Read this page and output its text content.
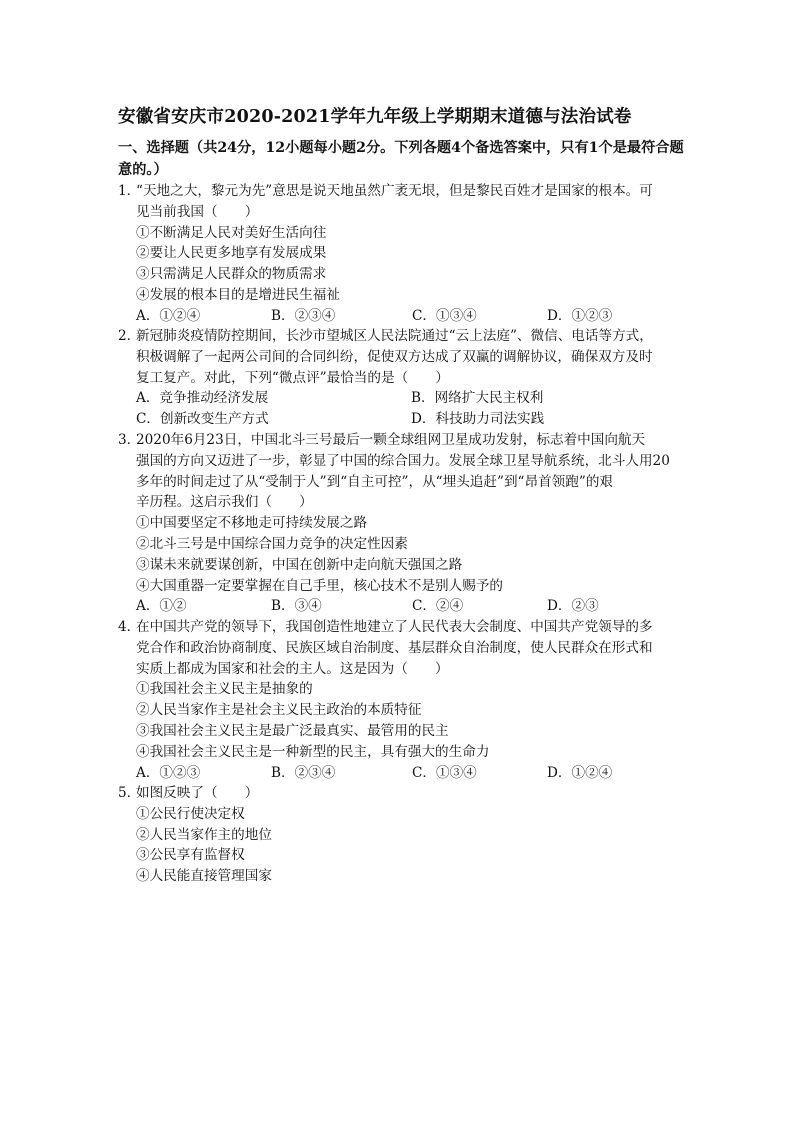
安徽省安庆市2020-2021学年九年级上学期期末道德与法治试卷
一、选择题（共24分，12小题每小题2分。下列各题4个备选答案中，只有1个是最符合题意的。）
1．“天地之大，黎元为先”意思是说天地虽然广袤无垠，但是黎民百姓才是国家的根本。可
见当前我国（　　）
①不断满足人民对美好生活向往
②要让人民更多地享有发展成果
③只需满足人民群众的物质需求
④发展的根本目的是增进民生福祉
A．①②④	B．②③④	C．①③④	D．①②③
2．新冠肺炎疫情防控期间，长沙市望城区人民法院通过“云上法庭”、微信、电话等方式，
积极调解了一起两公司间的合同纠纷，促使双方达成了双赢的调解协议，确保双方及时
复工复产。对此，下列“微点评”最恰当的是（　　）
A．竞争推动经济发展	B．网络扩大民主权利
C．创新改变生产方式	D．科技助力司法实践
3．2020年6月23日，中国北斗三号最后一颗全球组网卫星成功发射，标志着中国向航天
强国的方向又迈进了一步，彰显了中国的综合国力。发展全球卫星导航系统，北斗人用20
多年的时间走过了从“受制于人”到“自主可控”，从“埋头追赶”到“昂首领跑”的艰
辛历程。这启示我们（　　）
①中国要坚定不移地走可持续发展之路
②北斗三号是中国综合国力竞争的决定性因素
③谋未来就要谋创新，中国在创新中走向航天强国之路
④大国重器一定要掌握在自己手里，核心技术不是别人赐予的
A．①②	B．③④	C．②④	D．②③
4．在中国共产党的领导下，我国创造性地建立了人民代表大会制度、中国共产党领导的多
党合作和政治协商制度、民族区域自治制度、基层群众自治制度，使人民群众在形式和
实质上都成为国家和社会的主人。这是因为（　　）
①我国社会主义民主是抽象的
②人民当家作主是社会主义民主政治的本质特征
③我国社会主义民主是最广泛最真实、最管用的民主
④我国社会主义民主是一种新型的民主，具有强大的生命力
A．①②③	B．②③④	C．①③④	D．①②④
5．如图反映了（　　）
①公民行使决定权
②人民当家作主的地位
③公民享有监督权
④人民能直接管理国家
